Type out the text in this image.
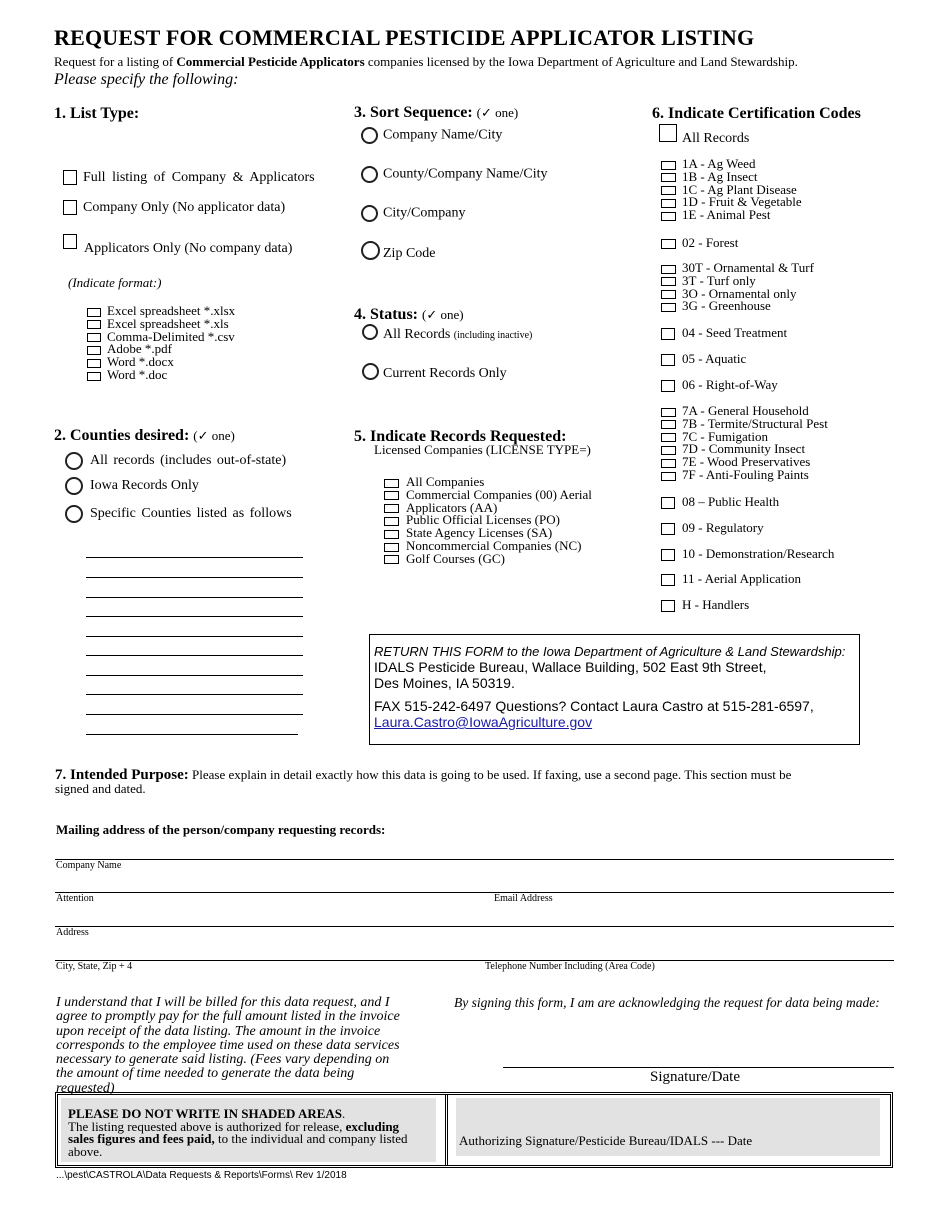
REQUEST FOR COMMERCIAL PESTICIDE APPLICATOR LISTING
Request for a listing of Commercial Pesticide Applicators companies licensed by the Iowa Department of Agriculture and Land Stewardship.
Please specify the following:
1. List Type:
Full listing of Company & Applicators
Company Only (No applicator data)
Applicators Only (No company data)
(Indicate format:)
Excel spreadsheet *.xlsx
Excel spreadsheet *.xls
Comma-Delimited *.csv
Adobe *.pdf
Word *.docx
Word *.doc
2. Counties desired: (✓ one)
All records (includes out-of-state)
Iowa Records Only
Specific Counties listed as follows
3. Sort Sequence: (✓ one)
Company Name/City
County/Company Name/City
City/Company
Zip Code
4. Status: (✓ one)
All Records (including inactive)
Current Records Only
5. Indicate Records Requested:
Licensed Companies (LICENSE TYPE=)
All Companies
Commercial Companies (00) Aerial
Applicators (AA)
Public Official Licenses (PO)
State Agency Licenses (SA)
Noncommercial Companies (NC)
Golf Courses (GC)
6. Indicate Certification Codes
All Records
1A - Ag Weed
1B - Ag Insect
1C - Ag Plant Disease
1D - Fruit & Vegetable
1E - Animal Pest
02 - Forest
30T - Ornamental & Turf
3T - Turf only
3O - Ornamental only
3G - Greenhouse
04 - Seed Treatment
05 - Aquatic
06 - Right-of-Way
7A - General Household
7B - Termite/Structural Pest
7C - Fumigation
7D - Community Insect
7E - Wood Preservatives
7F - Anti-Fouling Paints
08 – Public Health
09 - Regulatory
10 - Demonstration/Research
11 - Aerial Application
H - Handlers
RETURN THIS FORM to the Iowa Department of Agriculture & Land Stewardship:
IDALS Pesticide Bureau, Wallace Building, 502 East 9th Street,
Des Moines, IA 50319.
FAX 515-242-6497 Questions? Contact Laura Castro at 515-281-6597,
Laura.Castro@IowaAgriculture.gov
7. Intended Purpose: Please explain in detail exactly how this data is going to be used. If faxing, use a second page. This section must be
signed and dated.
Mailing address of the person/company requesting records:
Company Name
Attention	Email Address
Address
City, State, Zip + 4	Telephone Number Including (Area Code)
I understand that I will be billed for this data request, and I
agree to promptly pay for the full amount listed in the invoice
upon receipt of the data listing. The amount in the invoice
corresponds to the employee time used on these data services
necessary to generate said listing. (Fees vary depending on
the amount of time needed to generate the data being
requested)
By signing this form, I am are acknowledging the request for data being made:
Signature/Date
PLEASE DO NOT WRITE IN SHADED AREAS.
The listing requested above is authorized for release, excluding
sales figures and fees paid, to the individual and company listed
above.
Authorizing Signature/Pesticide Bureau/IDALS --- Date
...\pest\CASTROLA\Data Requests & Reports\Forms\ Rev 1/2018
